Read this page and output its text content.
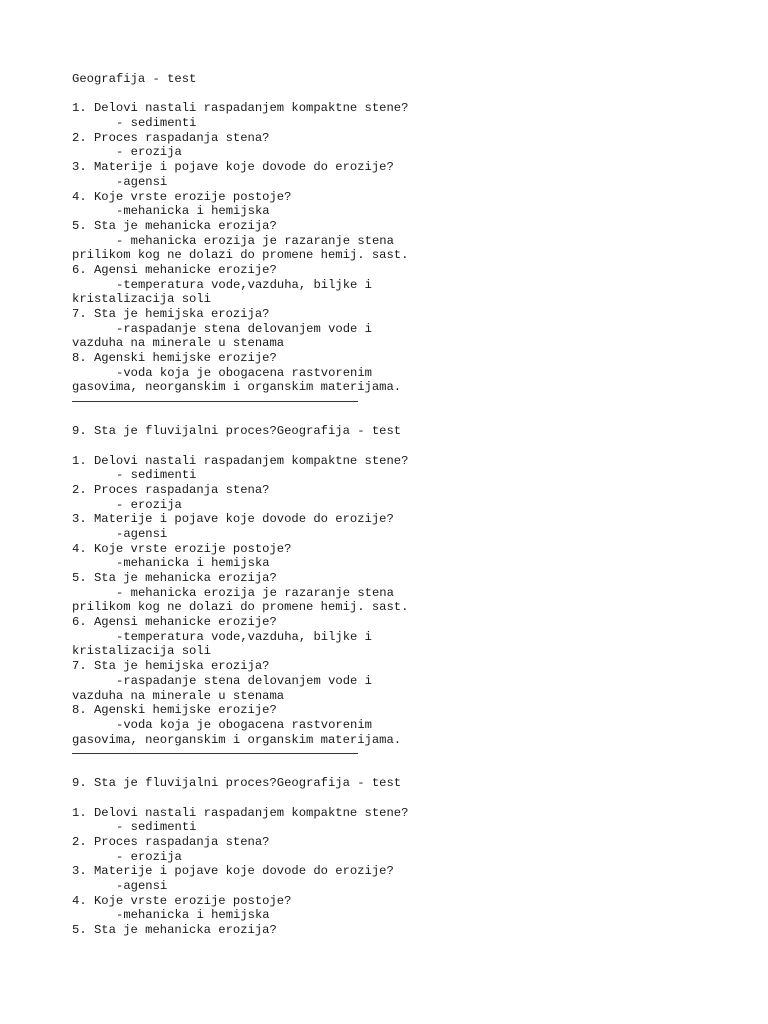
Geografija - test
1. Delovi nastali raspadanjem kompaktne stene?
- sedimenti
2. Proces raspadanja stena?
- erozija
3. Materije i pojave koje dovode do erozije?
-agensi
4. Koje vrste erozije postoje?
-mehanicka i hemijska
5. Sta je mehanicka erozija?
- mehanicka erozija je razaranje stena
prilikom kog ne dolazi do promene hemij. sast.
6. Agensi mehanicke erozije?
-temperatura vode,vazduha, biljke i
kristalizacija soli
7. Sta je hemijska erozija?
-raspadanje stena delovanjem vode i
vazduha na minerale u stenama
8. Agenski hemijske erozije?
-voda koja je obogacena rastvorenim
gasovima, neorganskim i organskim materijama.
9. Sta je fluvijalni proces?Geografija - test
1. Delovi nastali raspadanjem kompaktne stene?
- sedimenti
2. Proces raspadanja stena?
- erozija
3. Materije i pojave koje dovode do erozije?
-agensi
4. Koje vrste erozije postoje?
-mehanicka i hemijska
5. Sta je mehanicka erozija?
- mehanicka erozija je razaranje stena
prilikom kog ne dolazi do promene hemij. sast.
6. Agensi mehanicke erozije?
-temperatura vode,vazduha, biljke i
kristalizacija soli
7. Sta je hemijska erozija?
-raspadanje stena delovanjem vode i
vazduha na minerale u stenama
8. Agenski hemijske erozije?
-voda koja je obogacena rastvorenim
gasovima, neorganskim i organskim materijama.
9. Sta je fluvijalni proces?Geografija - test
1. Delovi nastali raspadanjem kompaktne stene?
- sedimenti
2. Proces raspadanja stena?
- erozija
3. Materije i pojave koje dovode do erozije?
-agensi
4. Koje vrste erozije postoje?
-mehanicka i hemijska
5. Sta je mehanicka erozija?
